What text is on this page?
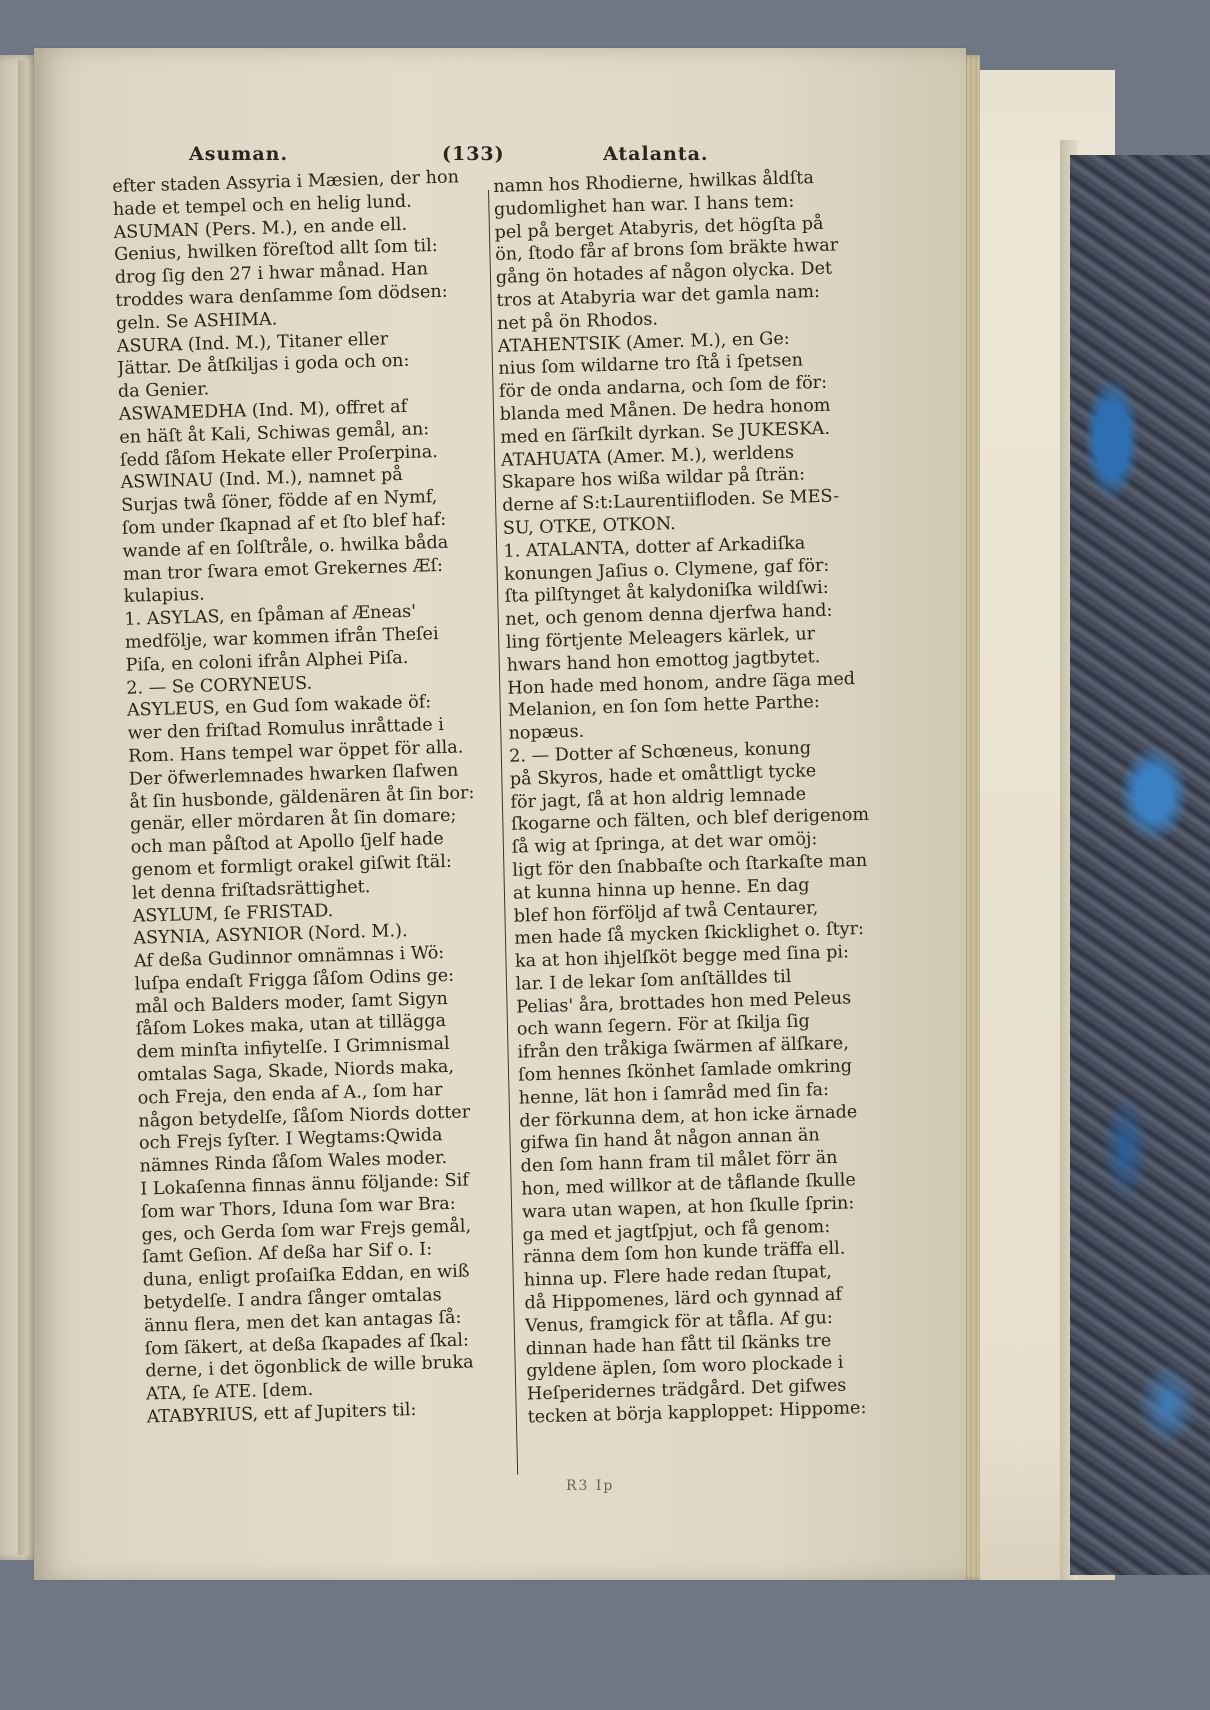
Asuman.	(133)	Atalanta.
efter staden Assyria i Mæsien, der hon
hade et tempel och en helig lund.
ASUMAN (Pers. M.), en ande ell.
Genius, hwilken föreſtod allt ſom til:
drog ſig den 27 i hwar månad. Han
troddes wara denſamme ſom dödsen:
geln. Se ASHIMA.
ASURA (Ind. M.), Titaner eller
Jättar. De åtſkiljas i goda och on:
da Genier.
ASWAMEDHA (Ind. M), offret af
en häſt åt Kali, Schiwas gemål, an:
ſedd ſåſom Hekate eller Proſerpina.
ASWINAU (Ind. M.), namnet på
Surjas twå ſöner, födde af en Nymf,
ſom under ſkapnad af et ſto blef haf:
wande af en ſolſtråle, o. hwilka båda
man tror ſwara emot Grekernes Æſ:
kulapius.
1. ASYLAS, en ſpåman af Æneas'
medföljе, war kommen ifrån Theſei
Piſa, en coloni ifrån Alphei Piſa.
2. — Se CORYNEUS.
ASYLEUS, en Gud ſom wakade öf:
wer den friſtad Romulus inråttade i
Rom. Hans tempel war öppet för alla.
Der öfwerlemnades hwarken ſlafwen
åt ſin husbonde, gäldenären åt ſin bor:
genär, eller mördaren åt ſin domare;
och man påſtod at Apollo ſjelf hade
genom et formligt orakel giſwit ſtäl:
let denna friſtadsrättighet.
ASYLUM, ſe FRISTAD.
ASYNIA, ASYNIOR (Nord. M.).
Af deßa Gudinnor omnämnas i Wö:
luſpa endaſt Frigga ſåſom Odins ge:
mål och Balders moder, ſamt Sigyn
ſåſom Lokes maka, utan at tillägga
dem minſta infiytelſe. I Grimnismal
omtalas Saga, Skade, Niords maka,
och Freja, den enda af A., ſom har
någon betydelſe, ſåſom Niords dotter
och Frejs ſyſter. I Wegtams:Qwida
nämnes Rinda ſåſom Wales moder.
I Lokaſenna finnas ännu följande: Sif
ſom war Thors, Iduna ſom war Bra:
ges, och Gerda ſom war Frejs gemål,
ſamt Geſion. Af deßa har Sif o. I:
duna, enligt proſaiſka Eddan, en wiß
betydelſe. I andra ſånger omtalas
ännu flera, men det kan antagas ſå:
ſom ſäkert, at deßa ſkapades af ſkal:
derne, i det ögonblick de wille bruka
ATA, ſe ATE. [dem.
ATABYRIUS, ett af Jupiters til:
namn hos Rhodierne, hwilkas åldſta
gudomlighet han war. I hans tem:
pel på berget Atabyris, det högſta på
ön, ſtodo får af brons ſom bräkte hwar
gång ön hotades af någon olycka. Det
tros at Atabyria war det gamla nam:
net på ön Rhodos.
ATAHENTSIK (Amer. M.), en Ge:
nius ſom wildarne tro ſtå i ſpetsen
för de onda andarna, och ſom de för:
blanda med Månen. De hedra honom
med en ſärſkilt dyrkan. Se JUKESKA.
ATAHUATA (Amer. M.), werldens
Skapare hos wißa wildar på ſträn:
derne af S:t:Laurentiifloden. Se MES-
SU, OTKE, OTKON.
1. ATALANTA, dotter af Arkadiſka
konungen Jaſius o. Clymene, gaf för:
ſta pilſtynget åt kalydoniſka wildſwi:
net, och genom denna djerfwa hand:
ling förtjente Meleagers kärlek, ur
hwars hand hon emottog jagtbytet.
Hon hade med honom, andre ſäga med
Melanion, en ſon ſom hette Parthe:
nopæus.
2. — Dotter af Schœneus, konung
på Skyros, hade et omåttligt tycke
för jagt, ſå at hon aldrig lemnade
ſkogarne och fälten, och blef derigenom
ſå wig at ſpringa, at det war omöj:
ligt för den ſnabbaſte och ſtarkaſte man
at kunna hinna up henne. En dag
blef hon förföljd af twå Centaurer,
men hade ſå mycken ſkicklighet o. ſtyr:
ka at hon ihjelſköt begge med ſina pi:
lar. I de lekar ſom anſtälldes til
Pelias' åra, brottades hon med Peleus
och wann ſegern. För at ſkilja ſig
ifrån den tråkiga ſwärmen af älſkare,
ſom hennes ſkönhet ſamlade omkring
henne, lät hon i ſamråd med ſin fa:
der förkunna dem, at hon icke ärnade
gifwa ſin hand åt någon annan än
den ſom hann fram til målet förr än
hon, med willkor at de tåflande ſkulle
wara utan wapen, at hon ſkulle ſprin:
ga med et jagtſpjut, och få genom:
ränna dem ſom hon kunde träffa ell.
hinna up. Flere hade redan ſtupat,
då Hippomenes, lärd och gynnad af
Venus, framgick för at tåfla. Af gu:
dinnan hade han fått til ſkänks tre
gyldene äplen, ſom woro plockade i
Heſperidernes trädgård. Det gifwes
tecken at börja kapploppet: Hippome:
R3 Ip
